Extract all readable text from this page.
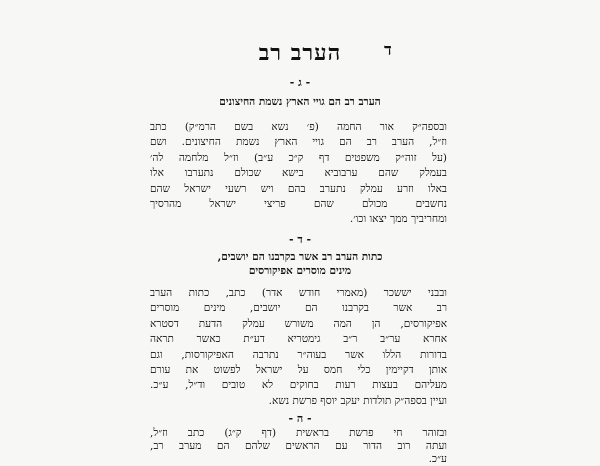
ד
הערב רב
- ג -
הערב רב הם גויי הארץ נשמת החיצונים
ובספה״ק אור החמה (פ׳ נשא בשם הרמ״ק) כתב
וז״ל, הערב רב הם גויי הארץ נשמת החיצונים. ושם
(על זוה״ק משפטים דף ק״כ ע״ב) וז״ל מלחמה לה׳
בעמלק שהם ערבוביא בישא שכולם נתערבו אלו
באלו וזרע עמלק נתערב בהם ויש רשעי ישראל שהם
נחשבים מכולם שהם פריצי ישראל מהרסיך
ומחריביך ממך יצאו וכו׳.
- ד -
כתות הערב רב אשר בקרבנו הם יושבים,
מינים מוסרים אפיקורסים
ובבני יששכר (מאמרי חודש אדר) כתב, כתות הערב
רב אשר בקרבנו הם יושבים, מינים מוסרים
אפיקורסים, הן המה משורש עמלק הדעת דסטרא
אחרא ער״ב ר״ב גימטריא דע״ת כאשר תראה
בדורות הללו אשר בעוה״ר נתרבה האפיקורסות, וגם
אותן דקיימין כלי חמס על ישראל לפשוט את עורם
מעליהם בעצות רעות בחוקים לא טובים וד״ל, ע״כ.
ועיין בספה״ק תולדות יעקב יוסף פרשת נשא.
- ה -
ובזוהר חי פרשת בראשית (דף ק״ג) כתב וז״ל,
ועתה רוב הדור עם הראשים שלהם הם מערב רב,
ע״כ.
